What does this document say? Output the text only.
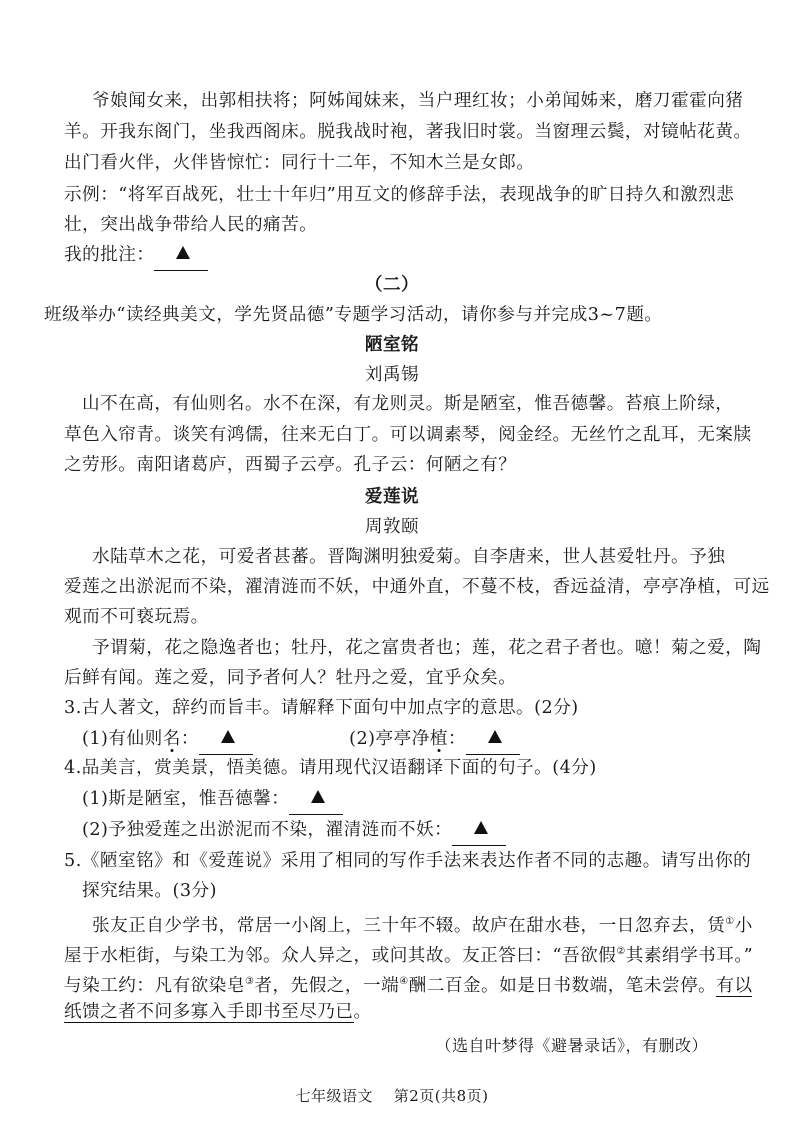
爷娘闻女来，出郭相扶将；阿姊闻妹来，当户理红妆；小弟闻姊来，磨刀霍霍向猪
羊。开我东阁门，坐我西阁床。脱我战时袍，著我旧时裳。当窗理云鬓，对镜帖花黄。
出门看火伴，火伴皆惊忙：同行十二年，不知木兰是女郎。
示例：“将军百战死，壮士十年归”用互文的修辞手法，表现战争的旷日持久和激烈悲
壮，突出战争带给人民的痛苦。
我的批注：
（二）
班级举办“读经典美文，学先贤品德”专题学习活动，请你参与并完成3~7题。
陋室铭
刘禹锡
山不在高，有仙则名。水不在深，有龙则灵。斯是陋室，惟吾德馨。苔痕上阶绿，
草色入帘青。谈笑有鸿儒，往来无白丁。可以调素琴，阅金经。无丝竹之乱耳，无案牍
之劳形。南阳诸葛庐，西蜀子云亭。孔子云：何陋之有？
爱莲说
周敦颐
水陆草木之花，可爱者甚蕃。晋陶渊明独爱菊。自李唐来，世人甚爱牡丹。予独
爱莲之出淤泥而不染，濯清涟而不妖，中通外直，不蔓不枝，香远益清，亭亭净植，可远
观而不可亵玩焉。
予谓菊，花之隐逸者也；牡丹，花之富贵者也；莲，花之君子者也。噫！菊之爱，陶
后鲜有闻。莲之爱，同予者何人？牡丹之爱，宜乎众矣。
3.古人著文，辞约而旨丰。请解释下面句中加点字的意思。(2分)
(1)有仙则名：	(2)亭亭净植：
4.品美言，赏美景，悟美德。请用现代汉语翻译下面的句子。(4分)
(1)斯是陋室，惟吾德馨：
(2)予独爱莲之出淤泥而不染，濯清涟而不妖：
5.《陋室铭》和《爱莲说》采用了相同的写作手法来表达作者不同的志趣。请写出你的
探究结果。(3分)
张友正自少学书，常居一小阁上，三十年不辍。故庐在甜水巷，一日忽弃去，赁①小
屋于水柜街，与染工为邻。众人异之，或问其故。友正答曰：“吾欲假②其素绢学书耳。”
与染工约：凡有欲染皂③者，先假之，一端④酬二百金。如是日书数端，笔未尝停。有以
纸馈之者不问多寡入手即书至尽乃已。
（选自叶梦得《避暑录话》，有删改）
七年级语文　 第2页(共8页)
